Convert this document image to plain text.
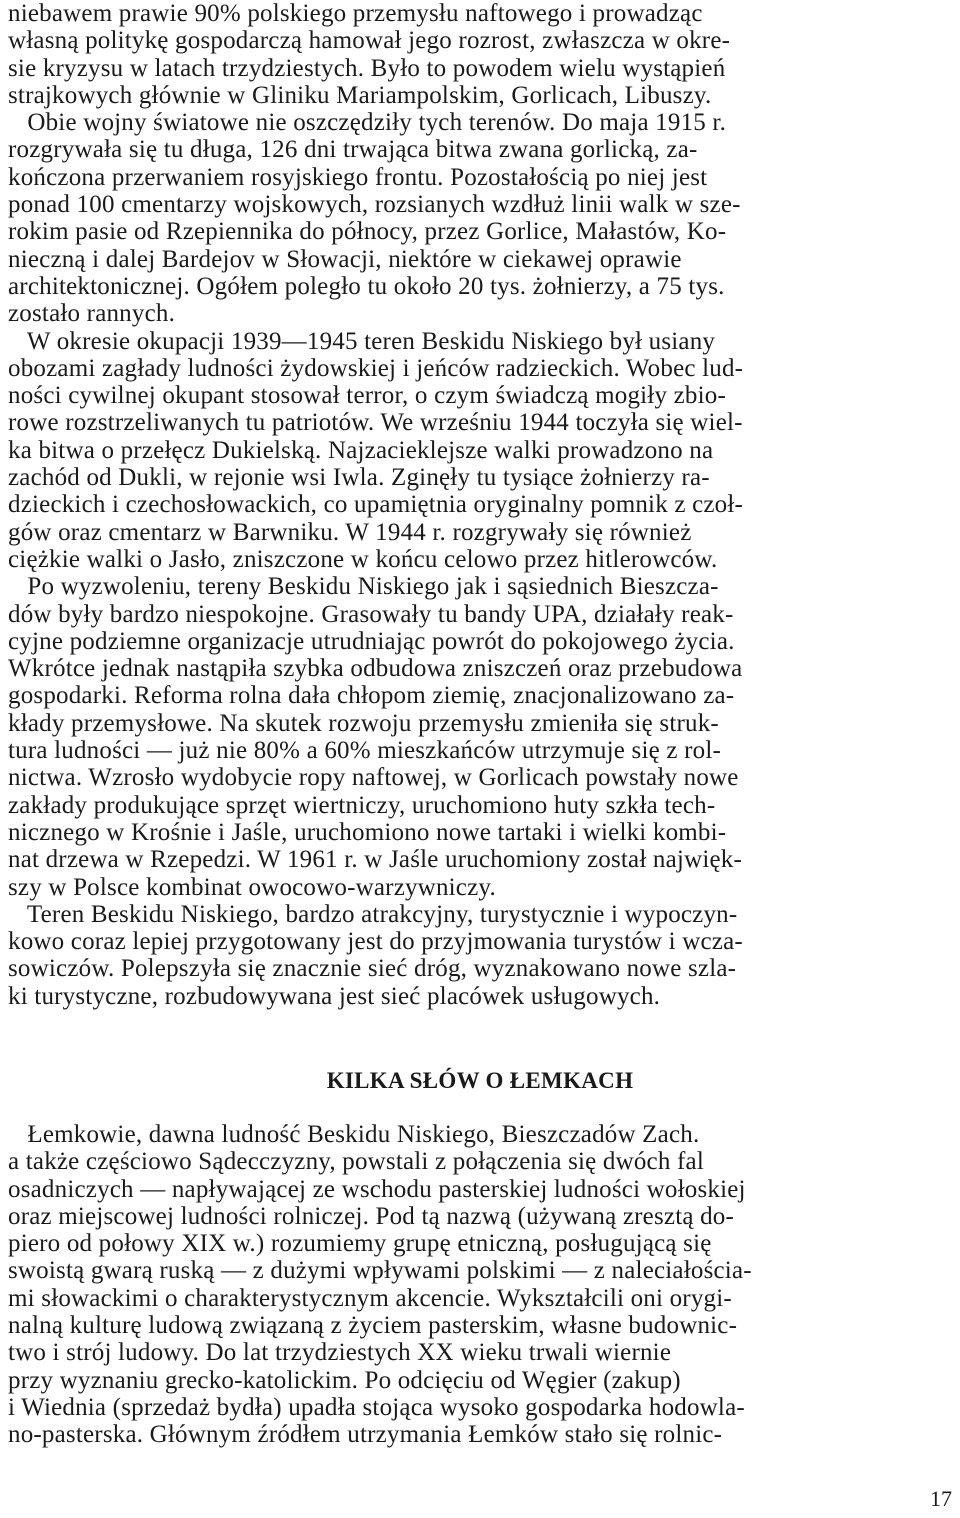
niebawem prawie 90% polskiego przemysłu naftowego i prowadząc
własną politykę gospodarczą hamował jego rozrost, zwłaszcza w okre-
sie kryzysu w latach trzydziestych. Było to powodem wielu wystąpień
strajkowych głównie w Gliniku Mariampolskim, Gorlicach, Libuszy.
Obie wojny światowe nie oszczędziły tych terenów. Do maja 1915 r.
rozgrywała się tu długa, 126 dni trwająca bitwa zwana gorlicką, za-
kończona przerwaniem rosyjskiego frontu. Pozostałością po niej jest
ponad 100 cmentarzy wojskowych, rozsianych wzdłuż linii walk w sze-
rokim pasie od Rzepiennika do północy, przez Gorlice, Małastów, Ko-
nieczną i dalej Bardejov w Słowacji, niektóre w ciekawej oprawie
architektonicznej. Ogółem poległo tu około 20 tys. żołnierzy, a 75 tys.
zostało rannych.
W okresie okupacji 1939—1945 teren Beskidu Niskiego był usiany
obozami zagłady ludności żydowskiej i jeńców radzieckich. Wobec lud-
ności cywilnej okupant stosował terror, o czym świadczą mogiły zbio-
rowe rozstrzeliwanych tu patriotów. We wrześniu 1944 toczyła się wiel-
ka bitwa o przełęcz Dukielską. Najzacieklejsze walki prowadzono na
zachód od Dukli, w rejonie wsi Iwla. Zginęły tu tysiące żołnierzy ra-
dzieckich i czechosłowackich, co upamiętnia oryginalny pomnik z czoł-
gów oraz cmentarz w Barwniku. W 1944 r. rozgrywały się również
ciężkie walki o Jasło, zniszczone w końcu celowo przez hitlerowców.
Po wyzwoleniu, tereny Beskidu Niskiego jak i sąsiednich Bieszcza-
dów były bardzo niespokojne. Grasowały tu bandy UPA, działały reak-
cyjne podziemne organizacje utrudniając powrót do pokojowego życia.
Wkrótce jednak nastąpiła szybka odbudowa zniszczeń oraz przebudowa
gospodarki. Reforma rolna dała chłopom ziemię, znacjonalizowano za-
kłady przemysłowe. Na skutek rozwoju przemysłu zmieniła się struk-
tura ludności — już nie 80% a 60% mieszkańców utrzymuje się z rol-
nictwa. Wzrosło wydobycie ropy naftowej, w Gorlicach powstały nowe
zakłady produkujące sprzęt wiertniczy, uruchomiono huty szkła tech-
nicznego w Krośnie i Jaśle, uruchomiono nowe tartaki i wielki kombi-
nat drzewa w Rzepedzi. W 1961 r. w Jaśle uruchomiony został najwięk-
szy w Polsce kombinat owocowo-warzywniczy.
Teren Beskidu Niskiego, bardzo atrakcyjny, turystycznie i wypoczyn-
kowo coraz lepiej przygotowany jest do przyjmowania turystów i wcza-
sowiczów. Polepszyła się znacznie sieć dróg, wyznakowano nowe szla-
ki turystyczne, rozbudowywana jest sieć placówek usługowych.
KILKA SŁÓW O ŁEMKACH
Łemkowie, dawna ludność Beskidu Niskiego, Bieszczadów Zach.
a także częściowo Sądecczyzny, powstali z połączenia się dwóch fal
osadniczych — napływającej ze wschodu pasterskiej ludności wołoskiej
oraz miejscowej ludności rolniczej. Pod tą nazwą (używaną zresztą do-
piero od połowy XIX w.) rozumiemy grupę etniczną, posługującą się
swoistą gwarą ruską — z dużymi wpływami polskimi — z naleciałościa-
mi słowackimi o charakterystycznym akcencie. Wykształcili oni orygi-
nalną kulturę ludową związaną z życiem pasterskim, własne budownic-
two i strój ludowy. Do lat trzydziestych XX wieku trwali wiernie
przy wyznaniu grecko-katolickim. Po odcięciu od Węgier (zakup)
i Wiednia (sprzedaż bydła) upadła stojąca wysoko gospodarka hodowla-
no-pasterska. Głównym źródłem utrzymania Łemków stało się rolnic-
17
